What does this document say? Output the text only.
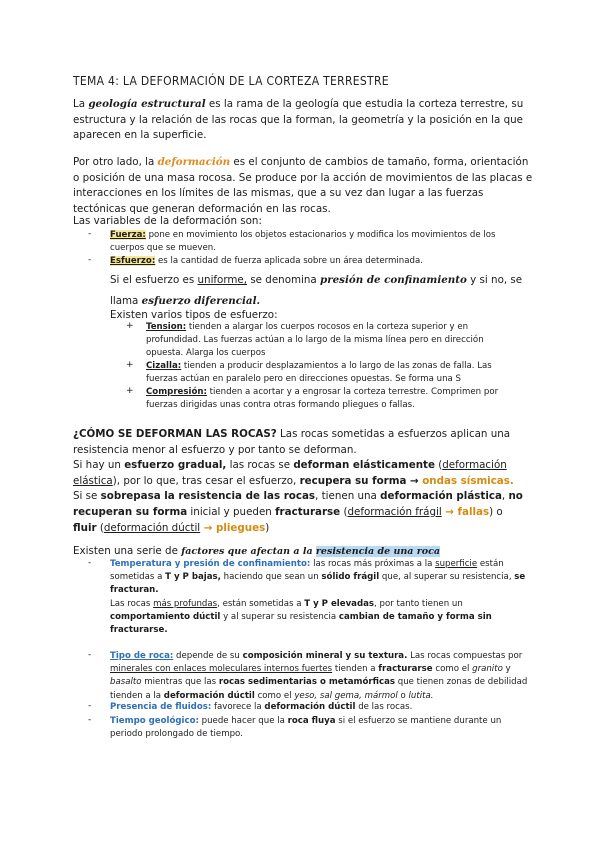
TEMA 4: LA DEFORMACIÓN DE LA CORTEZA TERRESTRE

La geología estructural es la rama de la geología que estudia la corteza terrestre, su estructura y la relación de las rocas que la forman, la geometría y la posición en la que aparecen en la superficie.

Por otro lado, la deformación es el conjunto de cambios de tamaño, forma, orientación o posición de una masa rocosa. Se produce por la acción de movimientos de las placas e interacciones en los límites de las mismas, que a su vez dan lugar a las fuerzas tectónicas que generan deformación en las rocas.

Las variables de la deformación son:

-	Fuerza: pone en movimiento los objetos estacionarios y modifica los movimientos de los cuerpos que se mueven.
-	Esfuerzo: es la cantidad de fuerza aplicada sobre un área determinada.

Si el esfuerzo es uniforme, se denomina presión de confinamiento y si no, se llama esfuerzo diferencial.

Existen varios tipos de esfuerzo:

+	Tension: tienden a alargar los cuerpos rocosos en la corteza superior y en profundidad. Las fuerzas actúan a lo largo de la misma línea pero en dirección opuesta. Alarga los cuerpos
+	Cizalla: tienden a producir desplazamientos a lo largo de las zonas de falla. Las fuerzas actúan en paralelo pero en direcciones opuestas. Se forma una S
+	Compresión: tienden a acortar y a engrosar la corteza terrestre. Comprimen por fuerzas dirigidas unas contra otras formando pliegues o fallas.

¿CÓMO SE DEFORMAN LAS ROCAS? Las rocas sometidas a esfuerzos aplican una resistencia menor al esfuerzo y por tanto se deforman.
Si hay un esfuerzo gradual, las rocas se deforman elásticamente (deformación elástica), por lo que, tras cesar el esfuerzo, recupera su forma → ondas sísmicas.
Si se sobrepasa la resistencia de las rocas, tienen una deformación plástica, no recuperan su forma inicial y pueden fracturarse (deformación frágil → fallas) o
fluir (deformación dúctil → pliegues)

Existen una serie de factores que afectan a la resistencia de una roca

-	Temperatura y presión de confinamiento: las rocas más próximas a la superficie están sometidas a T y P bajas, haciendo que sean un sólido frágil que, al superar su resistencia, se fracturan.
Las rocas más profundas, están sometidas a T y P elevadas, por tanto tienen un comportamiento dúctil y al superar su resistencia cambian de tamaño y forma sin fracturarse.
-	Tipo de roca: depende de su composición mineral y su textura. Las rocas compuestas por minerales con enlaces moleculares internos fuertes tienden a fracturarse como el granito y basalto mientras que las rocas sedimentarias o metamórficas que tienen zonas de debilidad tienden a la deformación dúctil como el yeso, sal gema, mármol o lutita.
-	Presencia de fluidos: favorece la deformación dúctil de las rocas.
-	Tiempo geológico: puede hacer que la roca fluya si el esfuerzo se mantiene durante un periodo prolongado de tiempo.
